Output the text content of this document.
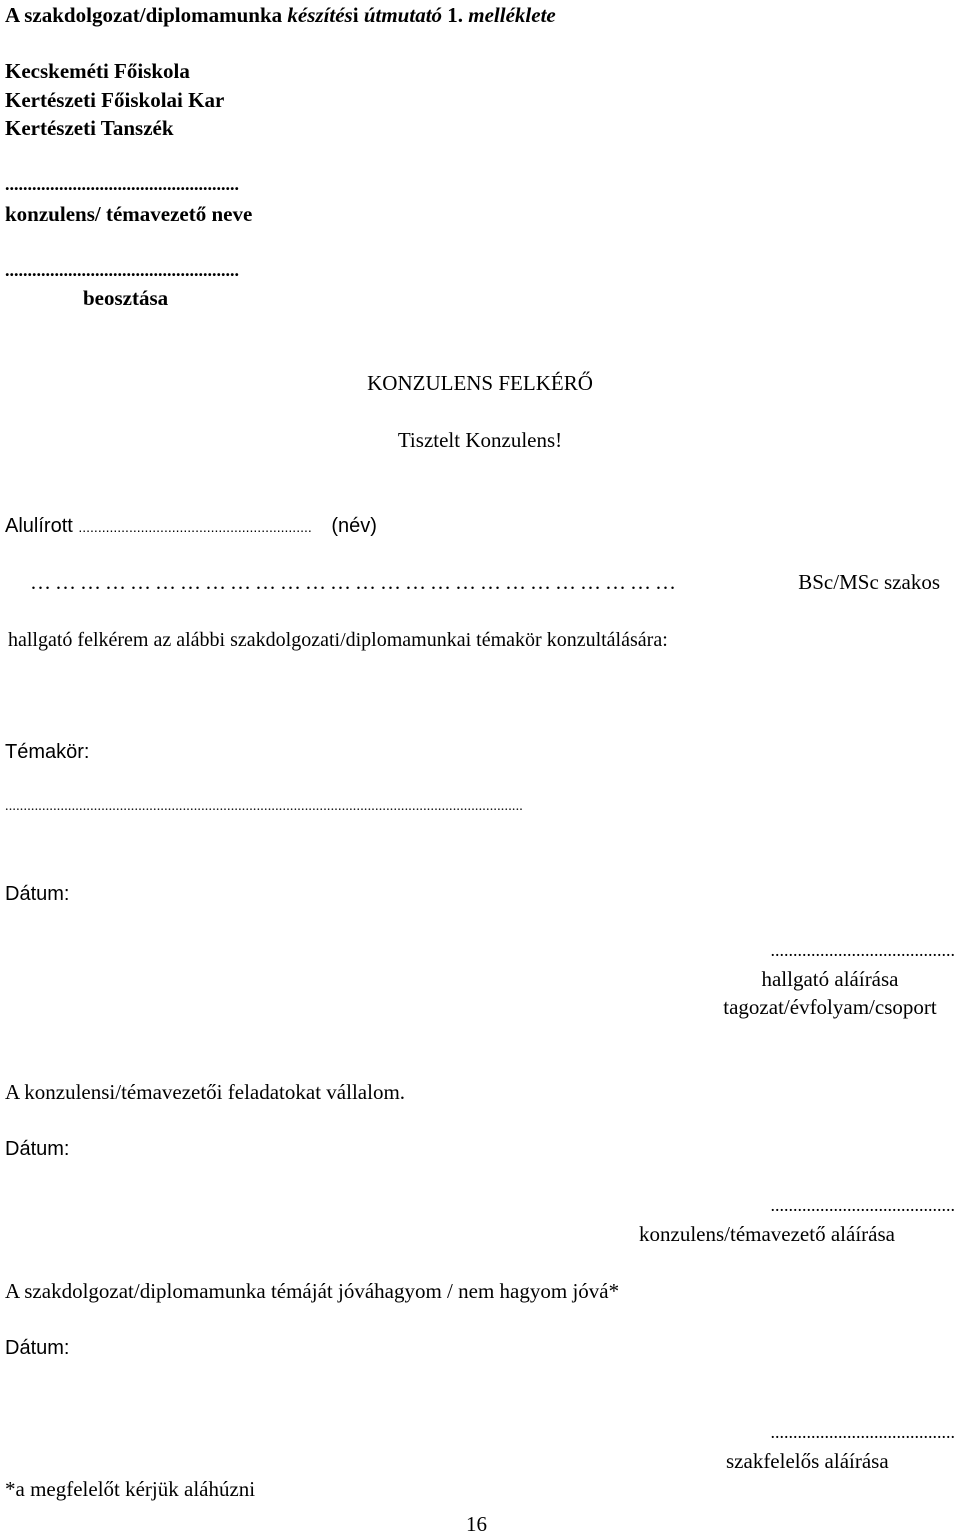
A szakdolgozat/diplomamunka készítési útmutató 1. melléklete
Kecskeméti Főiskola
Kertészeti Főiskolai Kar
Kertészeti Tanszék
....................................................
konzulens/ témavezető neve
....................................................
beosztása
KONZULENS FELKÉRŐ
Tisztelt Konzulens!
Alulírott ............................................................ (név)
……………………………………………………………………	BSc/MSc szakos
hallgató felkérem az alábbi szakdolgozati/diplomamunkai témakör konzultálására:
Témakör:
............................................................................................................................................
Dátum:
.........................................
hallgató aláírása
tagozat/évfolyam/csoport
A konzulensi/témavezetői feladatokat vállalom.
Dátum:
.........................................
konzulens/témavezető aláírása
A szakdolgozat/diplomamunka témáját jóváhagyom / nem hagyom jóvá*
Dátum:
.........................................
szakfelelős aláírása
*a megfelelőt kérjük aláhúzni
16
